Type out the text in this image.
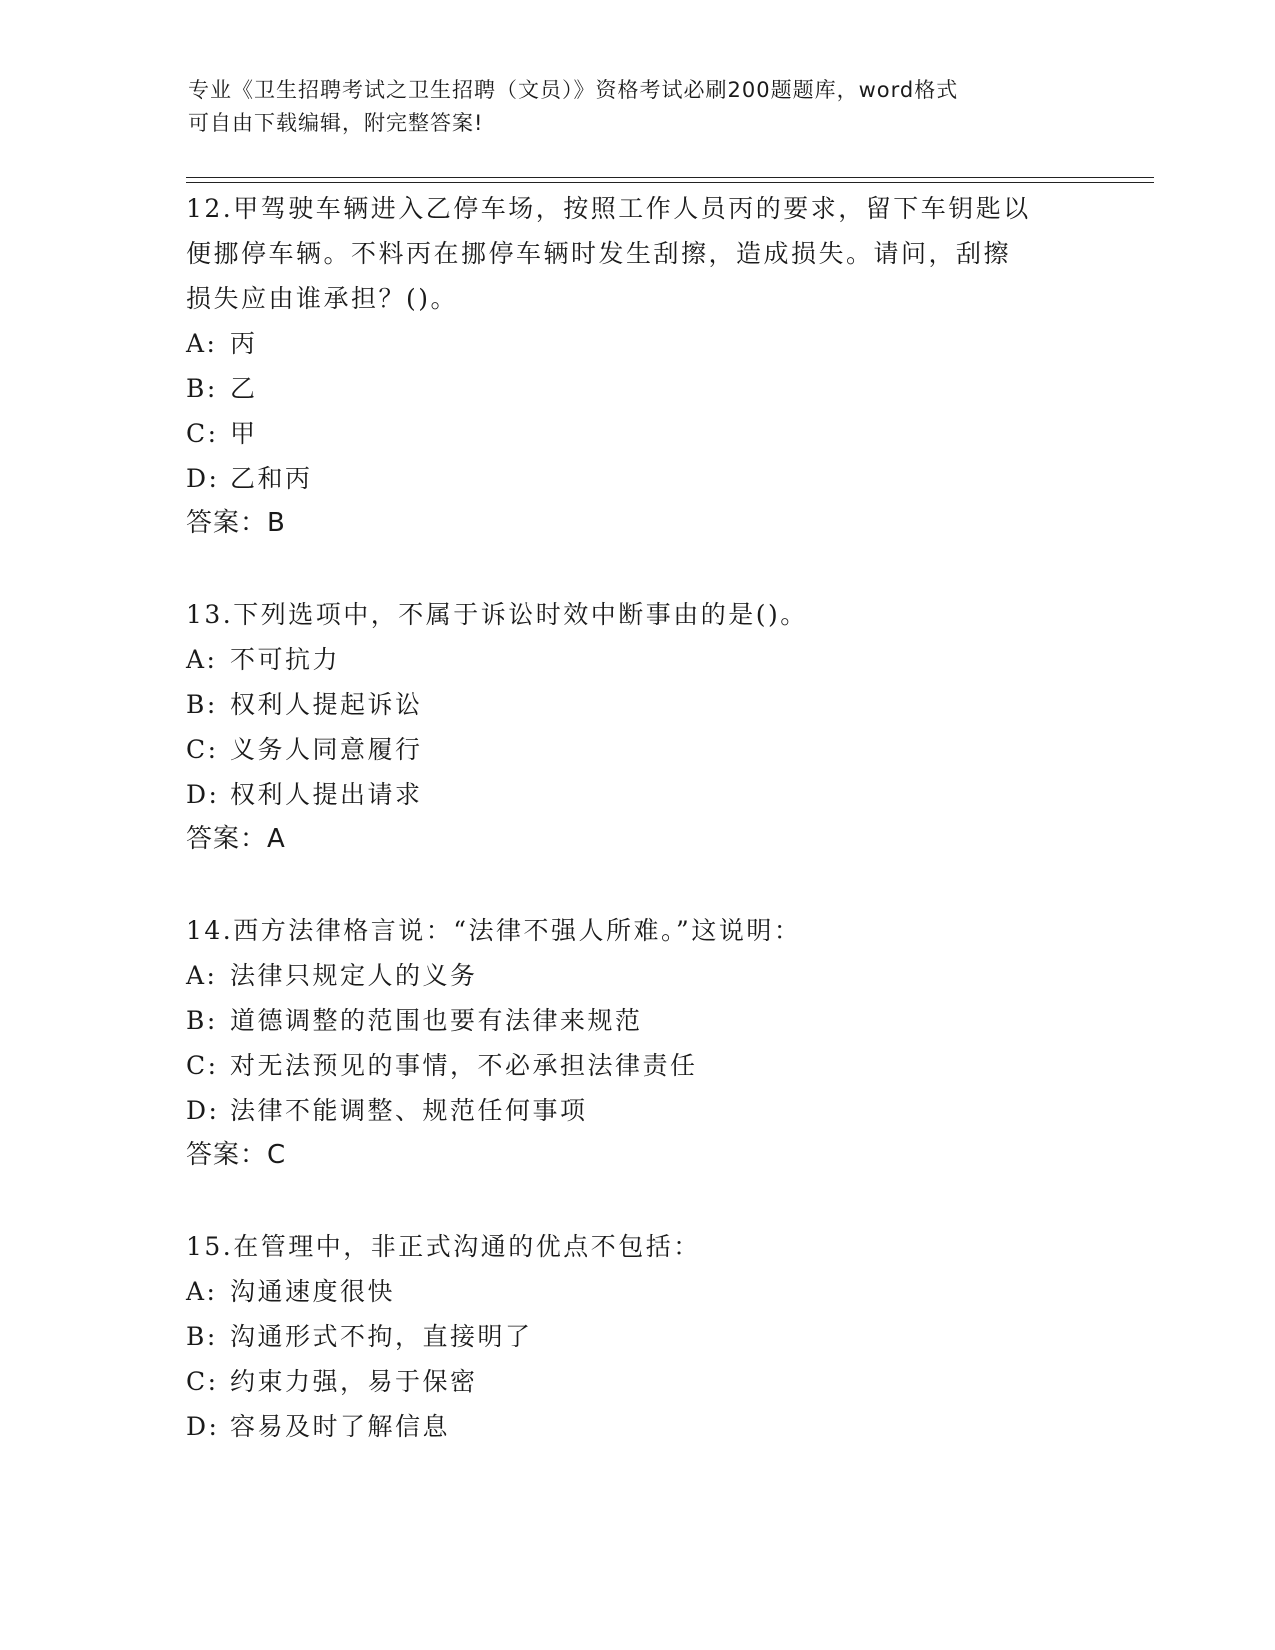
专业《卫生招聘考试之卫生招聘（文员）》资格考试必刷200题题库，word格式
可自由下载编辑，附完整答案!

12.甲驾驶车辆进入乙停车场，按照工作人员丙的要求，留下车钥匙以

便挪停车辆。不料丙在挪停车辆时发生刮擦，造成损失。请问，刮擦

损失应由谁承担？()。

A: 丙

B: 乙

C: 甲

D: 乙和丙

答案：B

13.下列选项中，不属于诉讼时效中断事由的是()。

A: 不可抗力

B: 权利人提起诉讼

C: 义务人同意履行

D: 权利人提出请求

答案：A

14.西方法律格言说：“法律不强人所难。”这说明：

A: 法律只规定人的义务

B: 道德调整的范围也要有法律来规范

C: 对无法预见的事情，不必承担法律责任

D: 法律不能调整、规范任何事项

答案：C

15.在管理中，非正式沟通的优点不包括：

A: 沟通速度很快

B: 沟通形式不拘，直接明了

C: 约束力强，易于保密

D: 容易及时了解信息
